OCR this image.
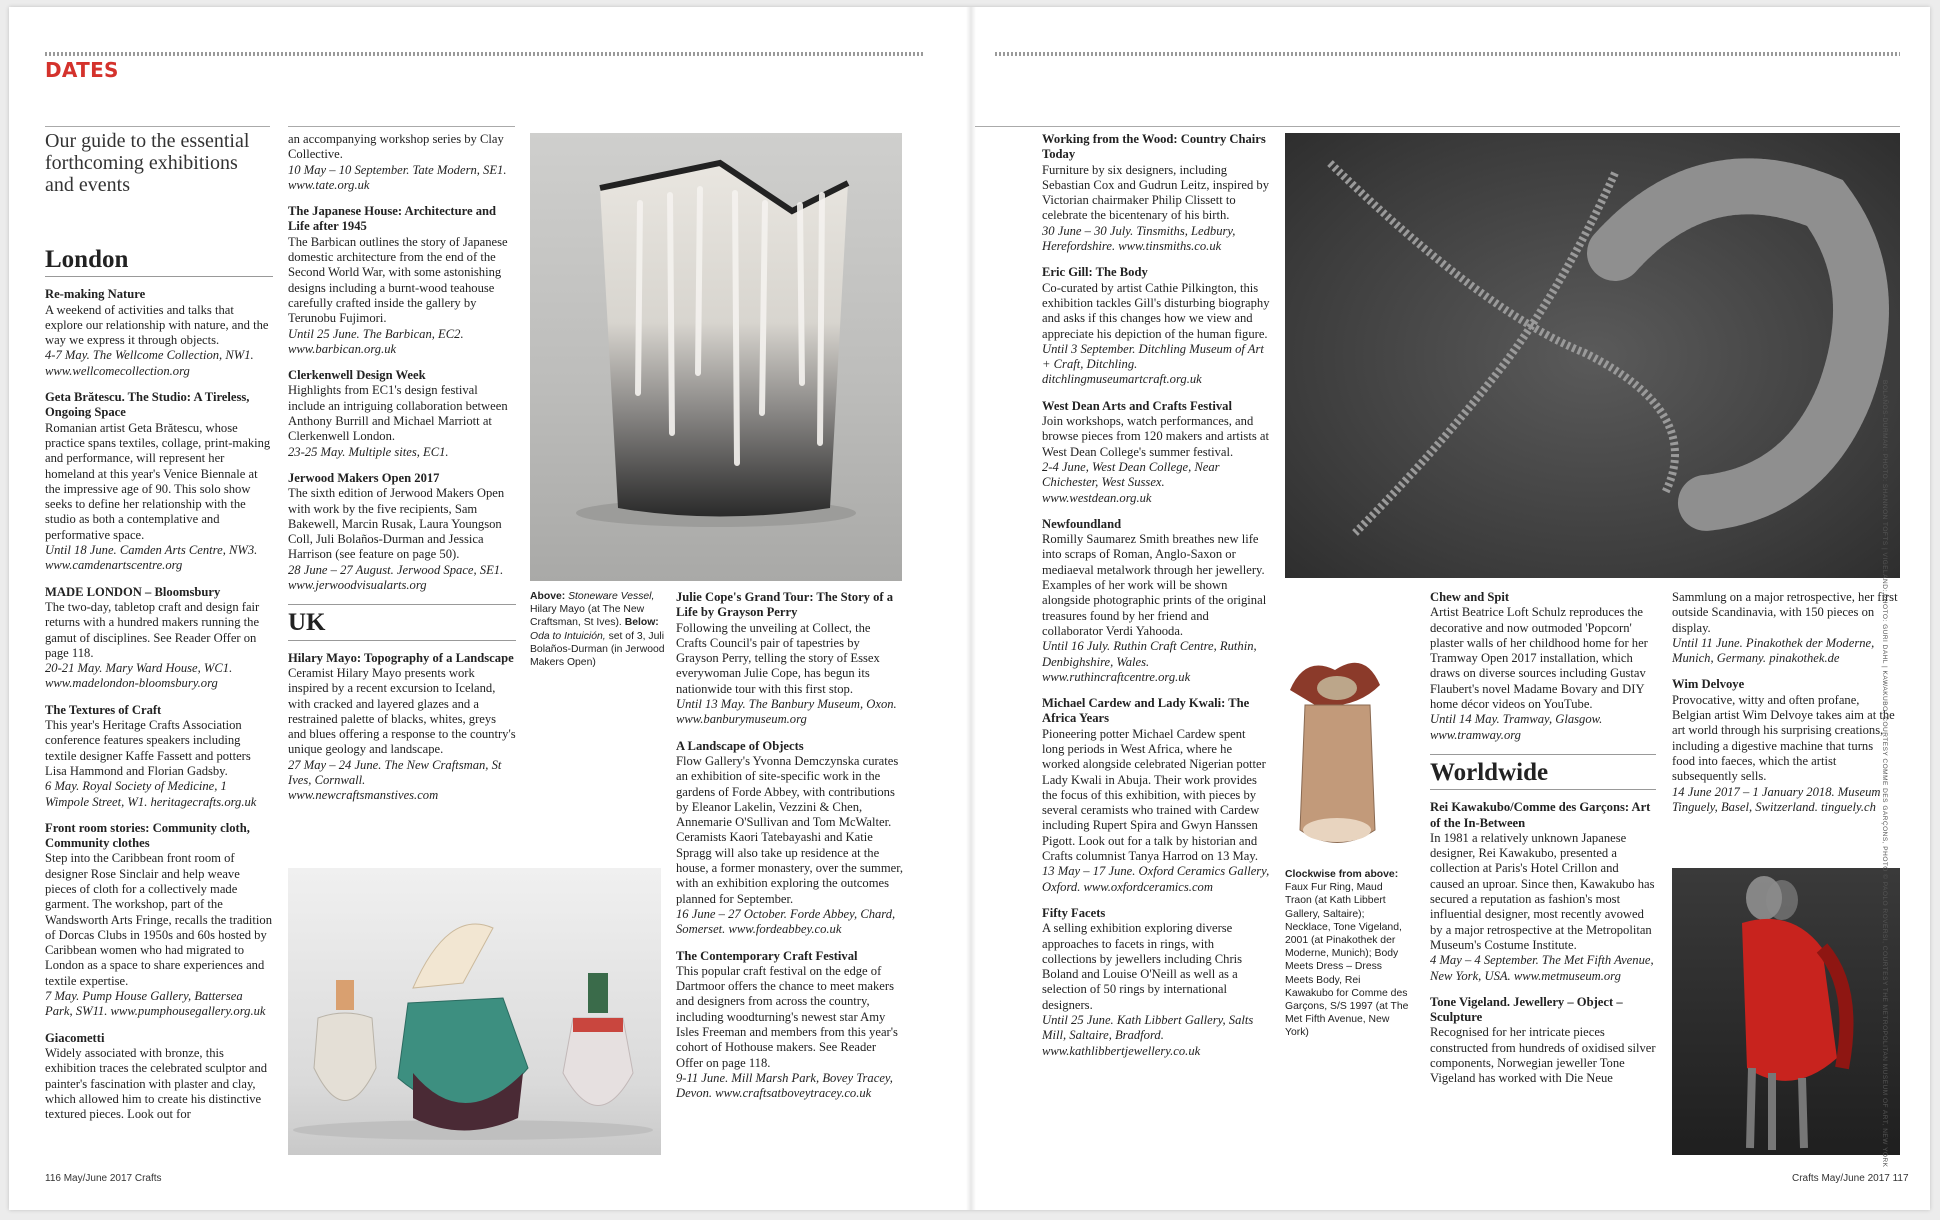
DATES
Our guide to the essential forthcoming exhibitions and events
London
Re-making Nature
A weekend of activities and talks that explore our relationship with nature, and the way we express it through objects.
4-7 May. The Wellcome Collection, NW1. www.wellcomecollection.org
Geta Brătescu. The Studio: A Tireless, Ongoing Space
Romanian artist Geta Brătescu, whose practice spans textiles, collage, print-making and performance, will represent her homeland at this year's Venice Biennale at the impressive age of 90. This solo show seeks to define her relationship with the studio as both a contemplative and performative space.
Until 18 June. Camden Arts Centre, NW3. www.camdenartscentre.org
MADE LONDON – Bloomsbury
The two-day, tabletop craft and design fair returns with a hundred makers running the gamut of disciplines. See Reader Offer on page 118.
20-21 May. Mary Ward House, WC1. www.madelondon-bloomsbury.org
The Textures of Craft
This year's Heritage Crafts Association conference features speakers including textile designer Kaffe Fassett and potters Lisa Hammond and Florian Gadsby.
6 May. Royal Society of Medicine, 1 Wimpole Street, W1. heritagecrafts.org.uk
Front room stories: Community cloth, Community clothes
Step into the Caribbean front room of designer Rose Sinclair and help weave pieces of cloth for a collectively made garment. The workshop, part of the Wandsworth Arts Fringe, recalls the tradition of Dorcas Clubs in 1950s and 60s hosted by Caribbean women who had migrated to London as a space to share experiences and textile expertise.
7 May. Pump House Gallery, Battersea Park, SW11. www.pumphousegallery.org.uk
Giacometti
Widely associated with bronze, this exhibition traces the celebrated sculptor and painter's fascination with plaster and clay, which allowed him to create his distinctive textured pieces. Look out for
an accompanying workshop series by Clay Collective.
10 May – 10 September. Tate Modern, SE1. www.tate.org.uk
The Japanese House: Architecture and Life after 1945
The Barbican outlines the story of Japanese domestic architecture from the end of the Second World War, with some astonishing designs including a burnt-wood teahouse carefully crafted inside the gallery by Terunobu Fujimori.
Until 25 June. The Barbican, EC2. www.barbican.org.uk
Clerkenwell Design Week
Highlights from EC1's design festival include an intriguing collaboration between Anthony Burrill and Michael Marriott at Clerkenwell London.
23-25 May. Multiple sites, EC1.
Jerwood Makers Open 2017
The sixth edition of Jerwood Makers Open with work by the five recipients, Sam Bakewell, Marcin Rusak, Laura Youngson Coll, Juli Bolaños-Durman and Jessica Harrison (see feature on page 50).
28 June – 27 August. Jerwood Space, SE1. www.jerwoodvisualarts.org
UK
Hilary Mayo: Topography of a Landscape
Ceramist Hilary Mayo presents work inspired by a recent excursion to Iceland, with cracked and layered glazes and a restrained palette of blacks, whites, greys and blues offering a response to the country's unique geology and landscape.
27 May – 24 June. The New Craftsman, St Ives, Cornwall. www.newcraftsmanstives.com
Above: Stoneware Vessel, Hilary Mayo (at The New Craftsman, St Ives). Below: Oda to Intuición, set of 3, Juli Bolaños-Durman (in Jerwood Makers Open)
Julie Cope's Grand Tour: The Story of a Life by Grayson Perry
Following the unveiling at Collect, the Crafts Council's pair of tapestries by Grayson Perry, telling the story of Essex everywoman Julie Cope, has begun its nationwide tour with this first stop.
Until 13 May. The Banbury Museum, Oxon. www.banburymuseum.org
A Landscape of Objects
Flow Gallery's Yvonna Demczynska curates an exhibition of site-specific work in the gardens of Forde Abbey, with contributions by Eleanor Lakelin, Vezzini & Chen, Annemarie O'Sullivan and Tom McWalter. Ceramists Kaori Tatebayashi and Katie Spragg will also take up residence at the house, a former monastery, over the summer, with an exhibition exploring the outcomes planned for September.
16 June – 27 October. Forde Abbey, Chard, Somerset. www.fordeabbey.co.uk
The Contemporary Craft Festival
This popular craft festival on the edge of Dartmoor offers the chance to meet makers and designers from across the country, including woodturning's newest star Amy Isles Freeman and members from this year's cohort of Hothouse makers. See Reader Offer on page 118.
9-11 June. Mill Marsh Park, Bovey Tracey, Devon. www.craftsatboveytracey.co.uk
Working from the Wood: Country Chairs Today
Furniture by six designers, including Sebastian Cox and Gudrun Leitz, inspired by Victorian chairmaker Philip Clissett to celebrate the bicentenary of his birth.
30 June – 30 July. Tinsmiths, Ledbury, Herefordshire. www.tinsmiths.co.uk
Eric Gill: The Body
Co-curated by artist Cathie Pilkington, this exhibition tackles Gill's disturbing biography and asks if this changes how we view and appreciate his depiction of the human figure.
Until 3 September. Ditchling Museum of Art + Craft, Ditchling. ditchlingmuseumartcraft.org.uk
West Dean Arts and Crafts Festival
Join workshops, watch performances, and browse pieces from 120 makers and artists at West Dean College's summer festival.
2-4 June, West Dean College, Near Chichester, West Sussex. www.westdean.org.uk
Newfoundland
Romilly Saumarez Smith breathes new life into scraps of Roman, Anglo-Saxon or mediaeval metalwork through her jewellery. Examples of her work will be shown alongside photographic prints of the original treasures found by her friend and collaborator Verdi Yahooda.
Until 16 July. Ruthin Craft Centre, Ruthin, Denbighshire, Wales. www.ruthincraftcentre.org.uk
Michael Cardew and Lady Kwali: The Africa Years
Pioneering potter Michael Cardew spent long periods in West Africa, where he worked alongside celebrated Nigerian potter Lady Kwali in Abuja. Their work provides the focus of this exhibition, with pieces by several ceramists who trained with Cardew including Rupert Spira and Gwyn Hanssen Pigott. Look out for a talk by historian and Crafts columnist Tanya Harrod on 13 May.
13 May – 17 June. Oxford Ceramics Gallery, Oxford. www.oxfordceramics.com
Fifty Facets
A selling exhibition exploring diverse approaches to facets in rings, with collections by jewellers including Chris Boland and Louise O'Neill as well as a selection of 50 rings by international designers.
Until 25 June. Kath Libbert Gallery, Salts Mill, Saltaire, Bradford. www.kathlibbertjewellery.co.uk
Clockwise from above: Faux Fur Ring, Maud Traon (at Kath Libbert Gallery, Saltaire); Necklace, Tone Vigeland, 2001 (at Pinakothek der Moderne, Munich); Body Meets Dress – Dress Meets Body, Rei Kawakubo for Comme des Garçons, S/S 1997 (at The Met Fifth Avenue, New York)
Chew and Spit
Artist Beatrice Loft Schulz reproduces the decorative and now outmoded 'Popcorn' plaster walls of her childhood home for her Tramway Open 2017 installation, which draws on diverse sources including Gustav Flaubert's novel Madame Bovary and DIY home décor videos on YouTube.
Until 14 May. Tramway, Glasgow. www.tramway.org
Worldwide
Rei Kawakubo/Comme des Garçons: Art of the In-Between
In 1981 a relatively unknown Japanese designer, Rei Kawakubo, presented a collection at Paris's Hotel Crillon and caused an uproar. Since then, Kawakubo has secured a reputation as fashion's most influential designer, most recently avowed by a major retrospective at the Metropolitan Museum's Costume Institute.
4 May – 4 September. The Met Fifth Avenue, New York, USA. www.metmuseum.org
Tone Vigeland. Jewellery – Object – Sculpture
Recognised for her intricate pieces constructed from hundreds of oxidised silver components, Norwegian jeweller Tone Vigeland has worked with Die Neue
Sammlung on a major retrospective, her first outside Scandinavia, with 150 pieces on display.
Until 11 June. Pinakothek der Moderne, Munich, Germany. pinakothek.de
Wim Delvoye
Provocative, witty and often profane, Belgian artist Wim Delvoye takes aim at the art world through his surprising creations, including a digestive machine that turns food into faeces, which the artist subsequently sells.
14 June 2017 – 1 January 2018. Museum Tinguely, Basel, Switzerland. tinguely.ch
116 May/June 2017 Crafts	Crafts May/June 2017 117
BOLAÑOS-DURMAN: PHOTO: SHANNON TOFTS | VIGELAND: PHOTO: GURI DAHL | KAWAKUBO: COURTESY COMME DES GARÇONS, PHOTO © PAOLO ROVERSI, COURTESY THE METROPOLITAN MUSEUM OF ART, NEW YORK
